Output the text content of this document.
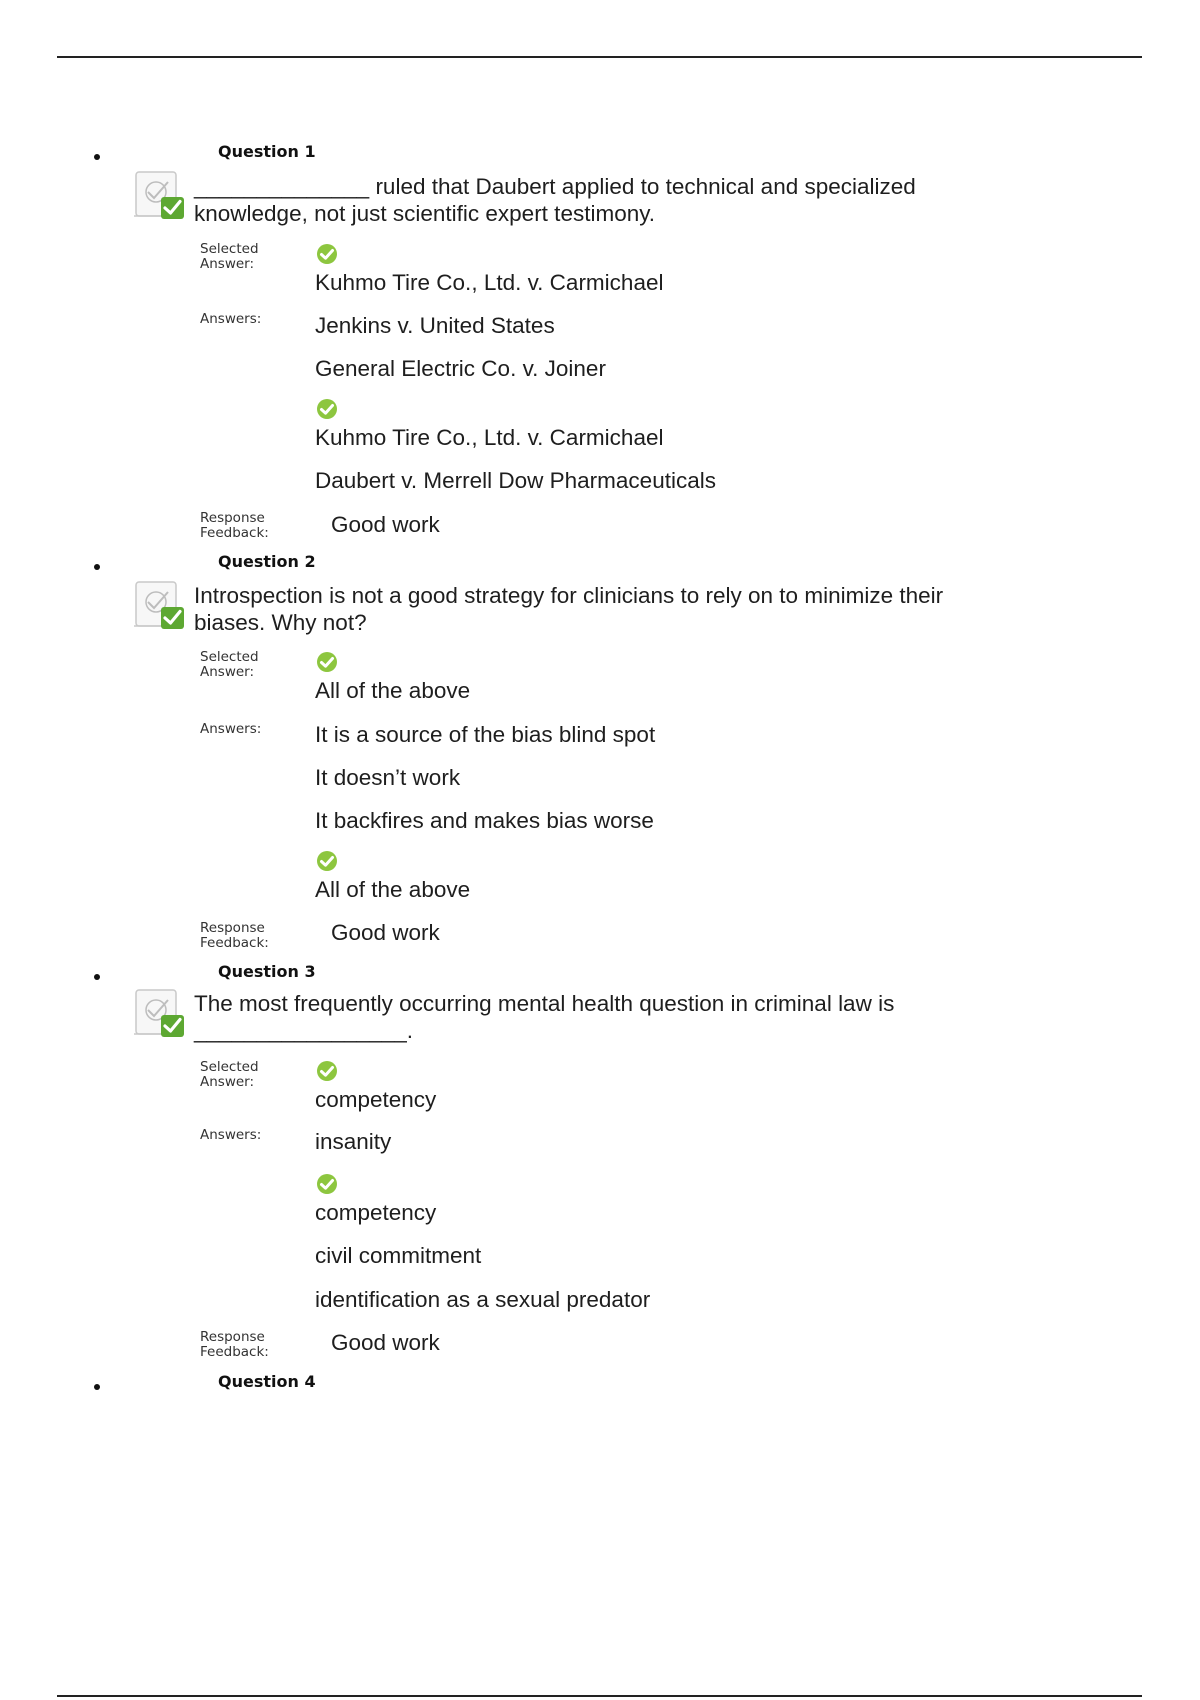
Question 1
______________ ruled that Daubert applied to technical and specialized knowledge, not just scientific expert testimony.
Selected Answer:
Kuhmo Tire Co., Ltd. v. Carmichael
Answers:	Jenkins v. United States
General Electric Co. v. Joiner
Kuhmo Tire Co., Ltd. v. Carmichael
Daubert v. Merrell Dow Pharmaceuticals
Response Feedback:	Good work
Question 2
Introspection is not a good strategy for clinicians to rely on to minimize their biases. Why not?
Selected Answer:
All of the above
Answers:	It is a source of the bias blind spot
It doesn’t work
It backfires and makes bias worse
All of the above
Response Feedback:	Good work
Question 3
The most frequently occurring mental health question in criminal law is _________________.
Selected Answer:
competency
Answers:	insanity
competency
civil commitment
identification as a sexual predator
Response Feedback:	Good work
Question 4
